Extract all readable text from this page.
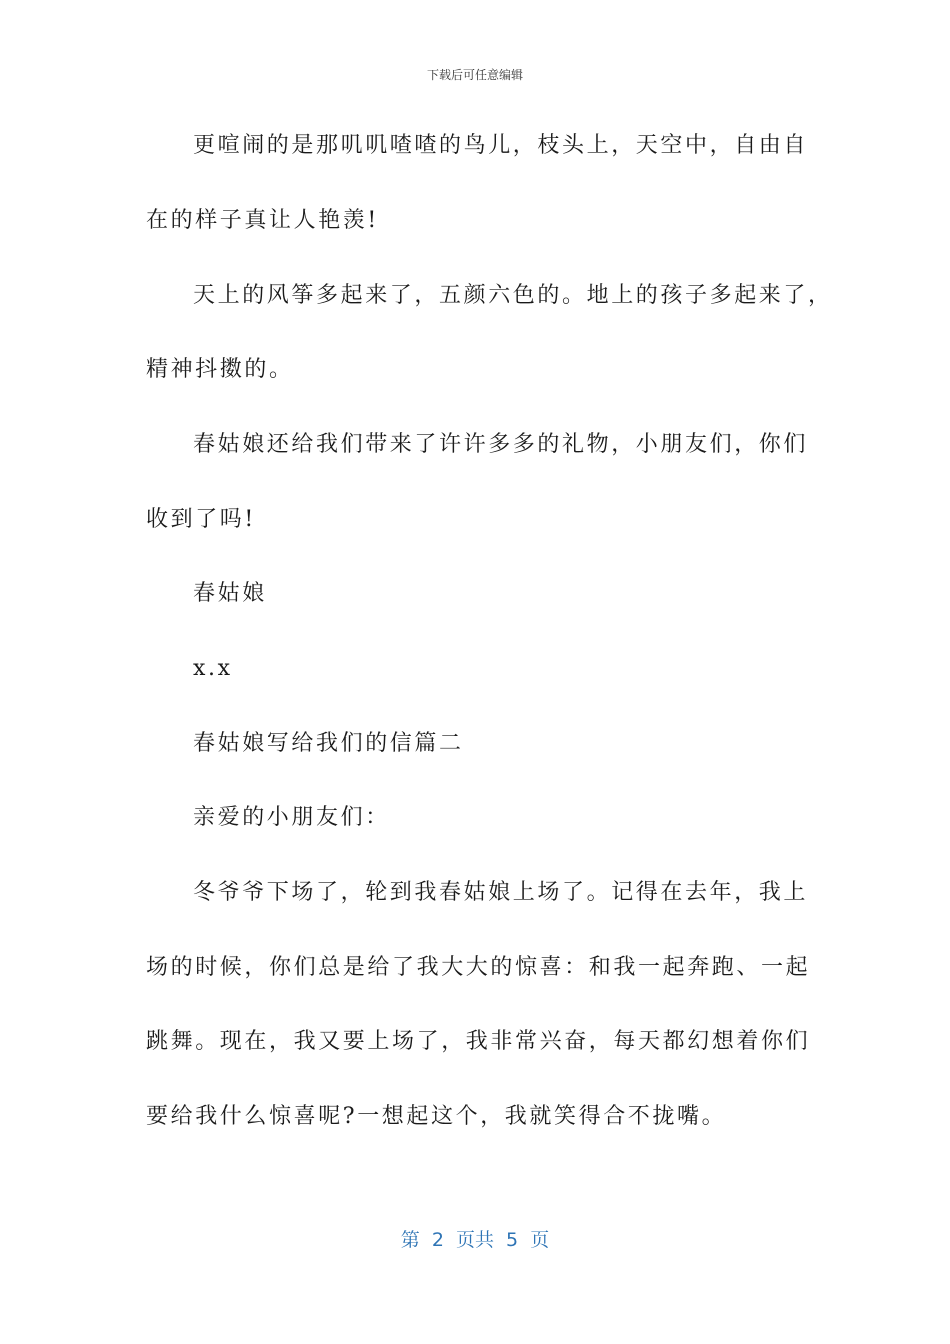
下载后可任意编辑
更喧闹的是那叽叽喳喳的鸟儿，枝头上，天空中，自由自
在的样子真让人艳羡!
天上的风筝多起来了，五颜六色的。地上的孩子多起来了，
精神抖擞的。
春姑娘还给我们带来了许许多多的礼物，小朋友们，你们
收到了吗!
春姑娘
x.x
春姑娘写给我们的信篇二
亲爱的小朋友们：
冬爷爷下场了，轮到我春姑娘上场了。记得在去年，我上
场的时候，你们总是给了我大大的惊喜：和我一起奔跑、一起
跳舞。现在，我又要上场了，我非常兴奋，每天都幻想着你们
要给我什么惊喜呢?一想起这个，我就笑得合不拢嘴。
第 2 页共 5 页
